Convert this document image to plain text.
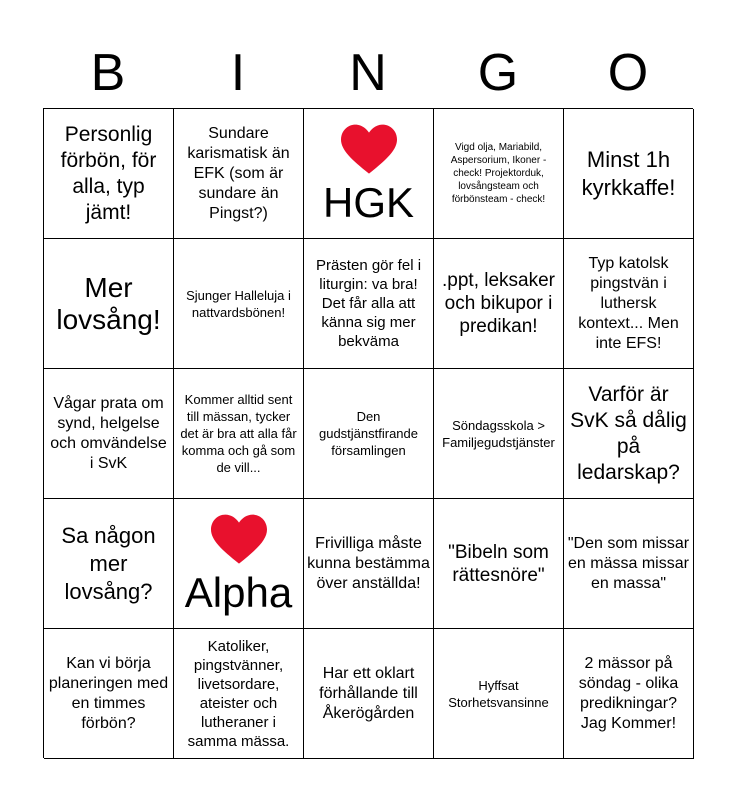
B	I	N	G	O
Personlig förbön, för alla, typ jämt!
Sundare karismatisk än EFK (som är sundare än Pingst?)	HGK
Vigd olja, Mariabild, Aspersorium, Ikoner - check! Projektorduk, lovsångsteam och förbönsteam - check!
Minst 1h kyrkkaffe!
Mer lovsång!
Sjunger Halleluja i nattvardsbönen!
Prästen gör fel i liturgin: va bra! Det får alla att känna sig mer bekväma
.ppt, leksaker och bikupor i predikan!
Typ katolsk pingstvän i luthersk kontext... Men inte EFS!
Vågar prata om synd, helgelse och omvändelse i SvK
Kommer alltid sent till mässan, tycker det är bra att alla får komma och gå som de vill...
Den gudstjänstfirande församlingen
Söndagsskola > Familjegudstjänster
Varför är SvK så dålig på ledarskap?
Sa någon mer lovsång? Alpha
Frivilliga måste kunna bestämma över anställda!
"Bibeln som rättesnöre"
"Den som missar en mässa missar en massa"
Kan vi börja planeringen med en timmes förbön?
Katoliker, pingstvänner, livetsordare, ateister och lutheraner i samma mässa.
Har ett oklart förhållande till Åkerögården
Hyffsat Storhetsvansinne
2 mässor på söndag - olika predikningar? Jag Kommer!
